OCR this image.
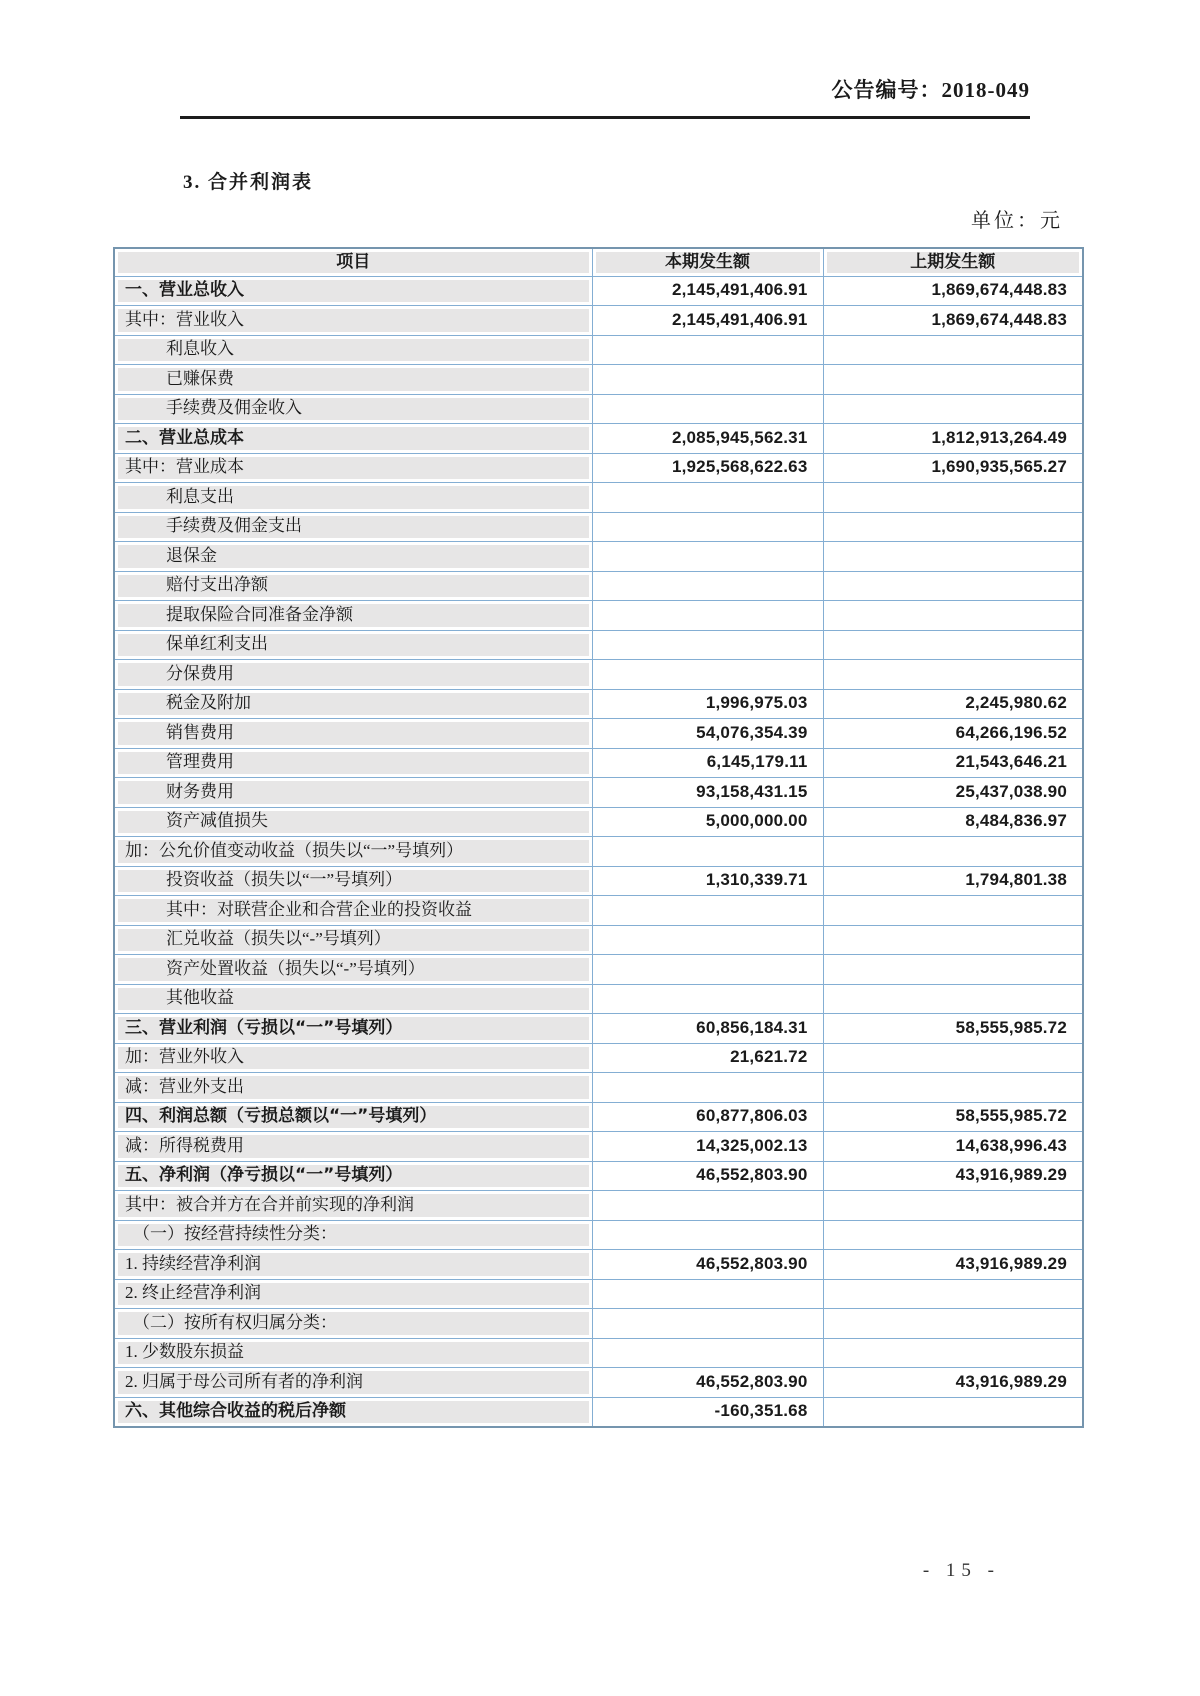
公告编号：2018-049
3. 合并利润表
单位：元
项目	本期发生额	上期发生额

一、营业总收入	2,145,491,406.91	1,869,674,448.83

其中：营业收入	2,145,491,406.91	1,869,674,448.83

利息收入		

已赚保费		

手续费及佣金收入		

二、营业总成本	2,085,945,562.31	1,812,913,264.49

其中：营业成本	1,925,568,622.63	1,690,935,565.27

利息支出		

手续费及佣金支出		

退保金		

赔付支出净额		

提取保险合同准备金净额		

保单红利支出		

分保费用		

税金及附加	1,996,975.03	2,245,980.62

销售费用	54,076,354.39	64,266,196.52

管理费用	6,145,179.11	21,543,646.21

财务费用	93,158,431.15	25,437,038.90

资产减值损失	5,000,000.00	8,484,836.97

加：公允价值变动收益（损失以“一”号填列）		

投资收益（损失以“一”号填列）	1,310,339.71	1,794,801.38

其中：对联营企业和合营企业的投资收益		

汇兑收益（损失以“-”号填列）		

资产处置收益（损失以“-”号填列）		

其他收益		

三、营业利润（亏损以“一”号填列）	60,856,184.31	58,555,985.72

加：营业外收入	21,621.72	

减：营业外支出		

四、利润总额（亏损总额以“一”号填列）	60,877,806.03	58,555,985.72

减：所得税费用	14,325,002.13	14,638,996.43

五、净利润（净亏损以“一”号填列）	46,552,803.90	43,916,989.29

其中：被合并方在合并前实现的净利润		

（一）按经营持续性分类：		

1. 持续经营净利润	46,552,803.90	43,916,989.29

2. 终止经营净利润		

（二）按所有权归属分类：		

1. 少数股东损益		

2. 归属于母公司所有者的净利润	46,552,803.90	43,916,989.29

六、其他综合收益的税后净额	-160,351.68	

- 15 -
